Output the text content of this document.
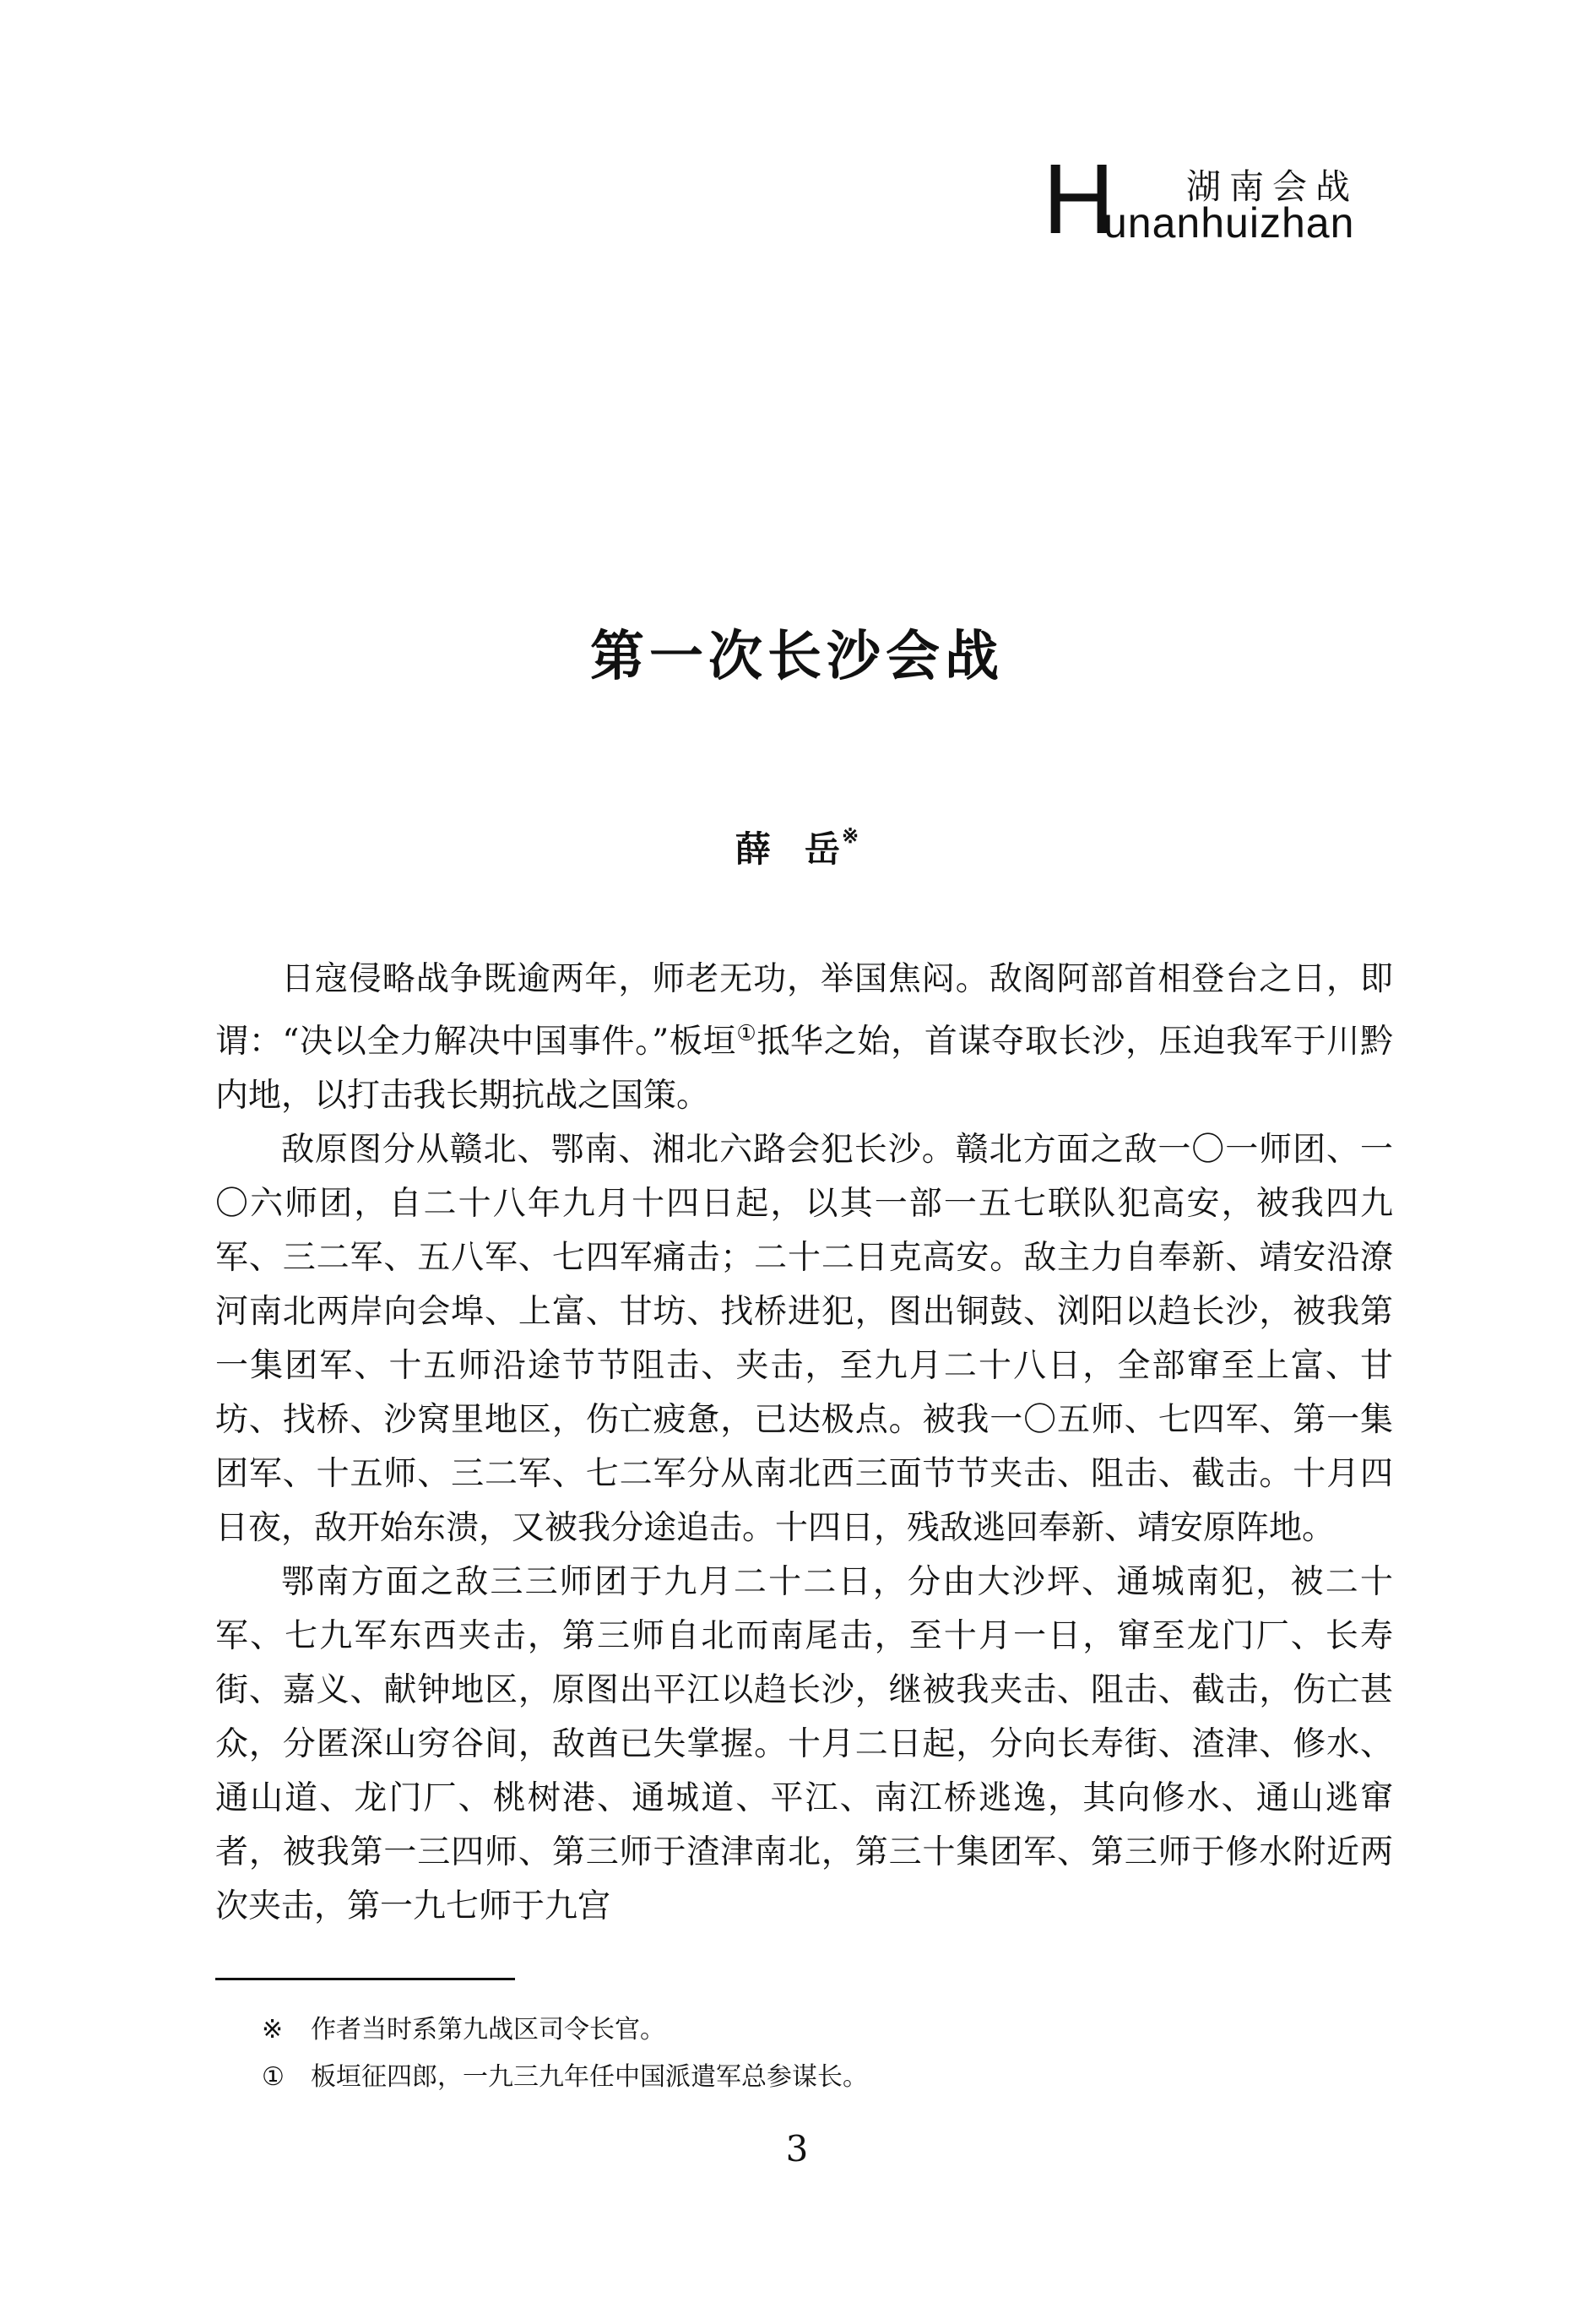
H 湖南会战
unanhuizhan
第一次长沙会战
薛 岳※

日寇侵略战争既逾两年，师老无功，举国焦闷。敌阁阿部首相登台之日，即谓：“决以全力解决中国事件。”板垣①抵华之始，首谋夺取长沙，压迫我军于川黔内地，以打击我长期抗战之国策。

敌原图分从赣北、鄂南、湘北六路会犯长沙。赣北方面之敌一〇一师团、一〇六师团，自二十八年九月十四日起，以其一部一五七联队犯高安，被我四九军、三二军、五八军、七四军痛击；二十二日克高安。敌主力自奉新、靖安沿潦河南北两岸向会埠、上富、甘坊、找桥进犯，图出铜鼓、浏阳以趋长沙，被我第一集团军、十五师沿途节节阻击、夹击，至九月二十八日，全部窜至上富、甘坊、找桥、沙窝里地区，伤亡疲惫，已达极点。被我一〇五师、七四军、第一集团军、十五师、三二军、七二军分从南北西三面节节夹击、阻击、截击。十月四日夜，敌开始东溃，又被我分途追击。十四日，残敌逃回奉新、靖安原阵地。

鄂南方面之敌三三师团于九月二十二日，分由大沙坪、通城南犯，被二十军、七九军东西夹击，第三师自北而南尾击，至十月一日，窜至龙门厂、长寿街、嘉义、献钟地区，原图出平江以趋长沙，继被我夹击、阻击、截击，伤亡甚众，分匿深山穷谷间，敌酋已失掌握。十月二日起，分向长寿街、渣津、修水、通山道、龙门厂、桃树港、通城道、平江、南江桥逃逸，其向修水、通山逃窜者，被我第一三四师、第三师于渣津南北，第三十集团军、第三师于修水附近两次夹击，第一九七师于九宫

※	作者当时系第九战区司令长官。
①	板垣征四郎，一九三九年任中国派遣军总参谋长。
3
